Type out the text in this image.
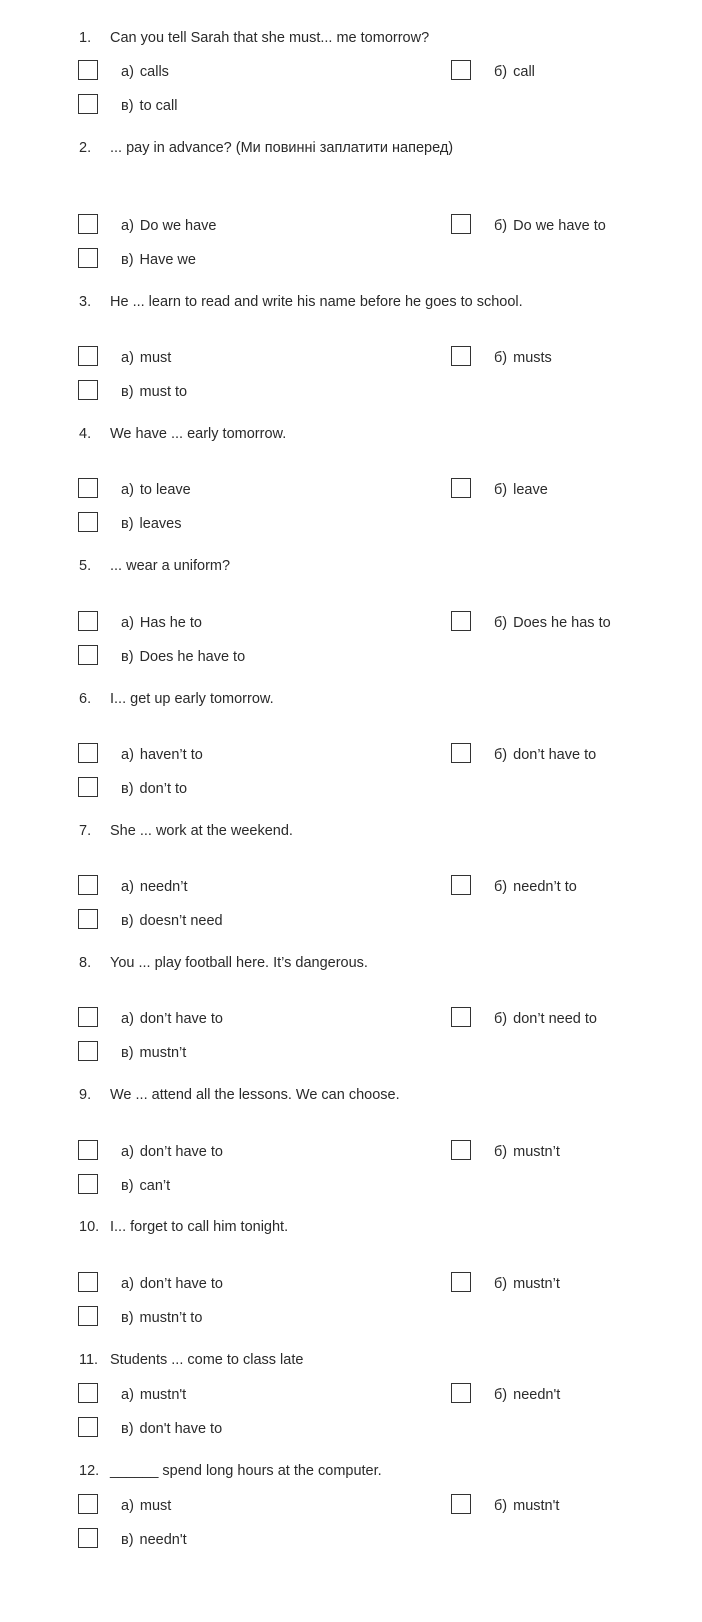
1. Can you tell Sarah that she must... me tomorrow?
а) calls	б) call
в) to call
2. ... pay in advance? (Ми повинні заплатити наперед)
а) Do we have	б) Do we have to
в) Have we
3. He ... learn to read and write his name before he goes to school.
а) must	б) musts
в) must to
4. We have ... early tomorrow.
а) to leave	б) leave
в) leaves
5. ... wear a uniform?
а) Has he to	б) Does he has to
в) Does he have to
6. I... get up early tomorrow.
а) haven’t to	б) don’t have to
в) don’t to
7. She ... work at the weekend.
а) needn’t	б) needn’t to
в) doesn’t need
8. You ... play football here. It’s dangerous.
а) don’t have to	б) don’t need to
в) mustn’t
9. We ... attend all the lessons. We can choose.
а) don’t have to	б) mustn’t
в) can’t
10. I... forget to call him tonight.
а) don’t have to	б) mustn’t
в) mustn’t to
11. Students ... come to class late
а) mustn't	б) needn't
в) don't have to
12. ______ spend long hours at the computer.
а) must	б) mustn't
в) needn't
